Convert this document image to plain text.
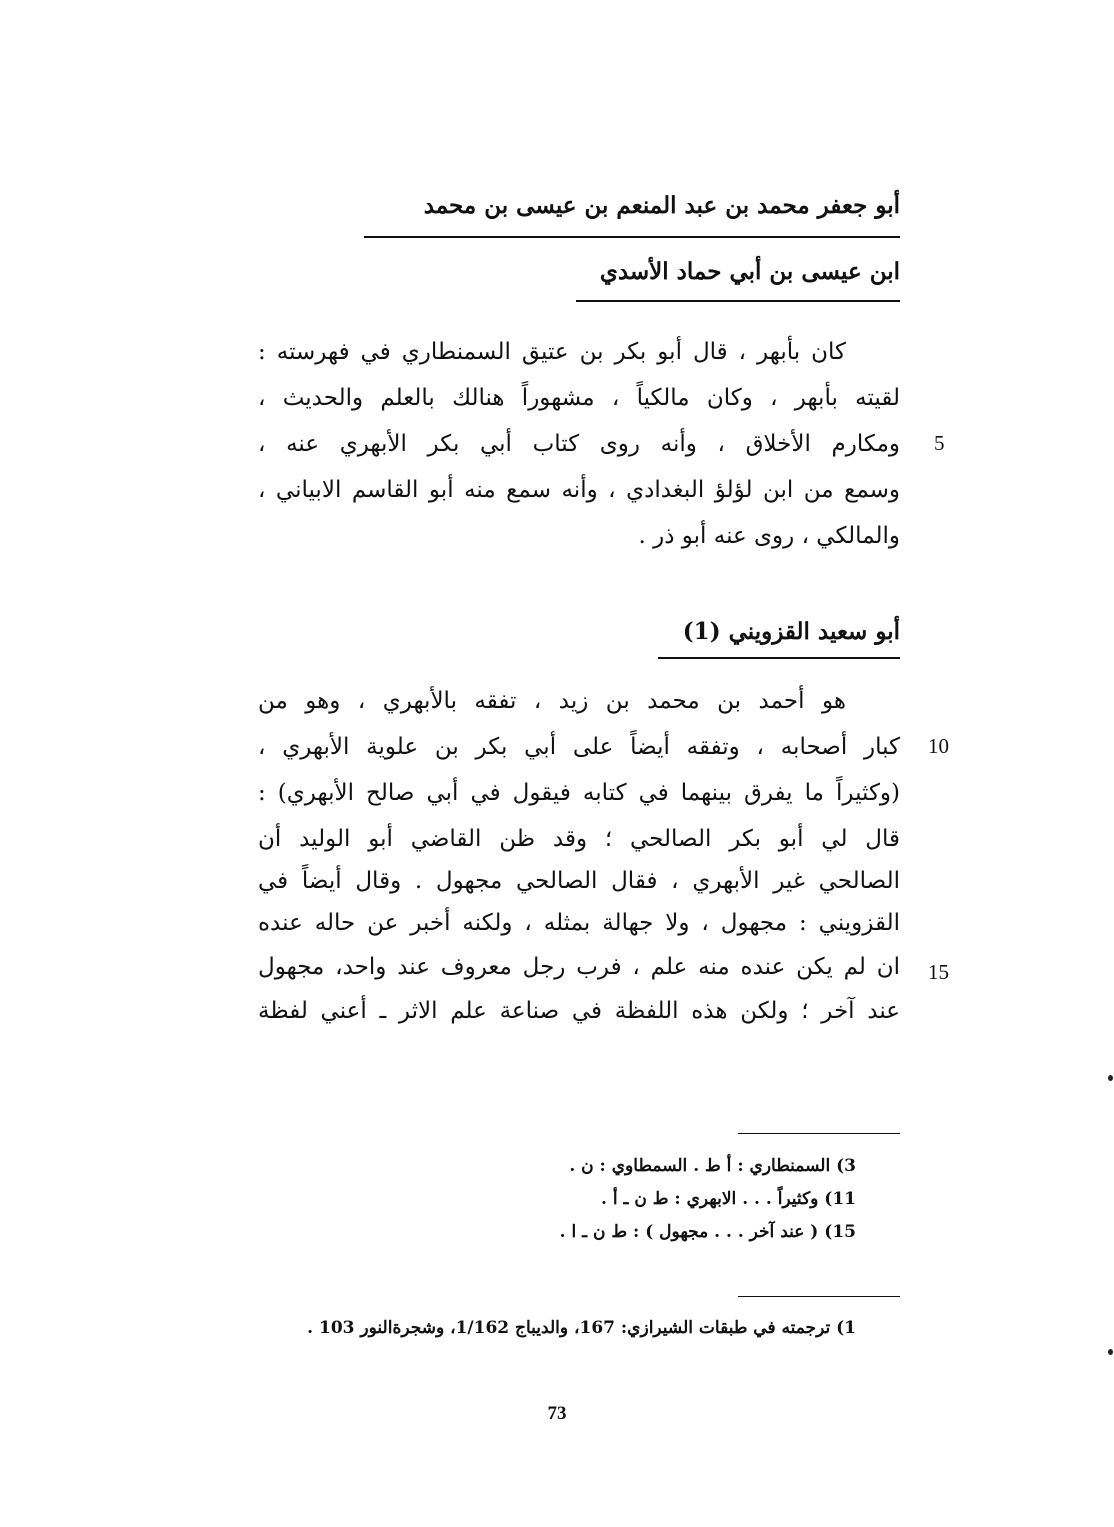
أبو جعفر محمد بن عبد المنعم بن عيسى بن محمد
ابن عيسى بن أبي حماد الأسدي
كان بأبهر ، قال أبو بكر بن عتيق السمنطاري في فهرسته :
لقيته بأبهر ، وكان مالكياً ، مشهوراً هنالك بالعلم والحديث ،
ومكارم الأخلاق ، وأنه روى كتاب أبي بكر الأبهري عنه ،
وسمع من ابن لؤلؤ البغدادي ، وأنه سمع منه أبو القاسم الابياني ،
والمالكي ، روى عنه أبو ذر .
5
أبو سعيد القزويني (1)
هو أحمد بن محمد بن زيد ، تفقه بالأبهري ، وهو من
كبار أصحابه ، وتفقه أيضاً على أبي بكر بن علوية الأبهري ،
(وكثيراً ما يفرق بينهما في كتابه فيقول في أبي صالح الأبهري) :
قال لي أبو بكر الصالحي ؛ وقد ظن القاضي أبو الوليد أن
الصالحي غير الأبهري ، فقال الصالحي مجهول . وقال أيضاً في
القزويني : مجهول ، ولا جهالة بمثله ، ولكنه أخبر عن حاله عنده
ان لم يكن عنده منه علم ، فرب رجل معروف عند واحد، مجهول
عند آخر ؛ ولكن هذه اللفظة في صناعة علم الاثر ـ أعني لفظة
10
15
3) السمنطاري : أ ط . السمطاوي : ن .
11) وكثيراً . . . الابهري : ط ن ـ أ .
15) ( عند آخر . . . مجهول ) : ط ن ـ ا .
1) ترجمته في طبقات الشيرازي: 167، والديباج 1/162، وشجرةالنور 103 .
73
